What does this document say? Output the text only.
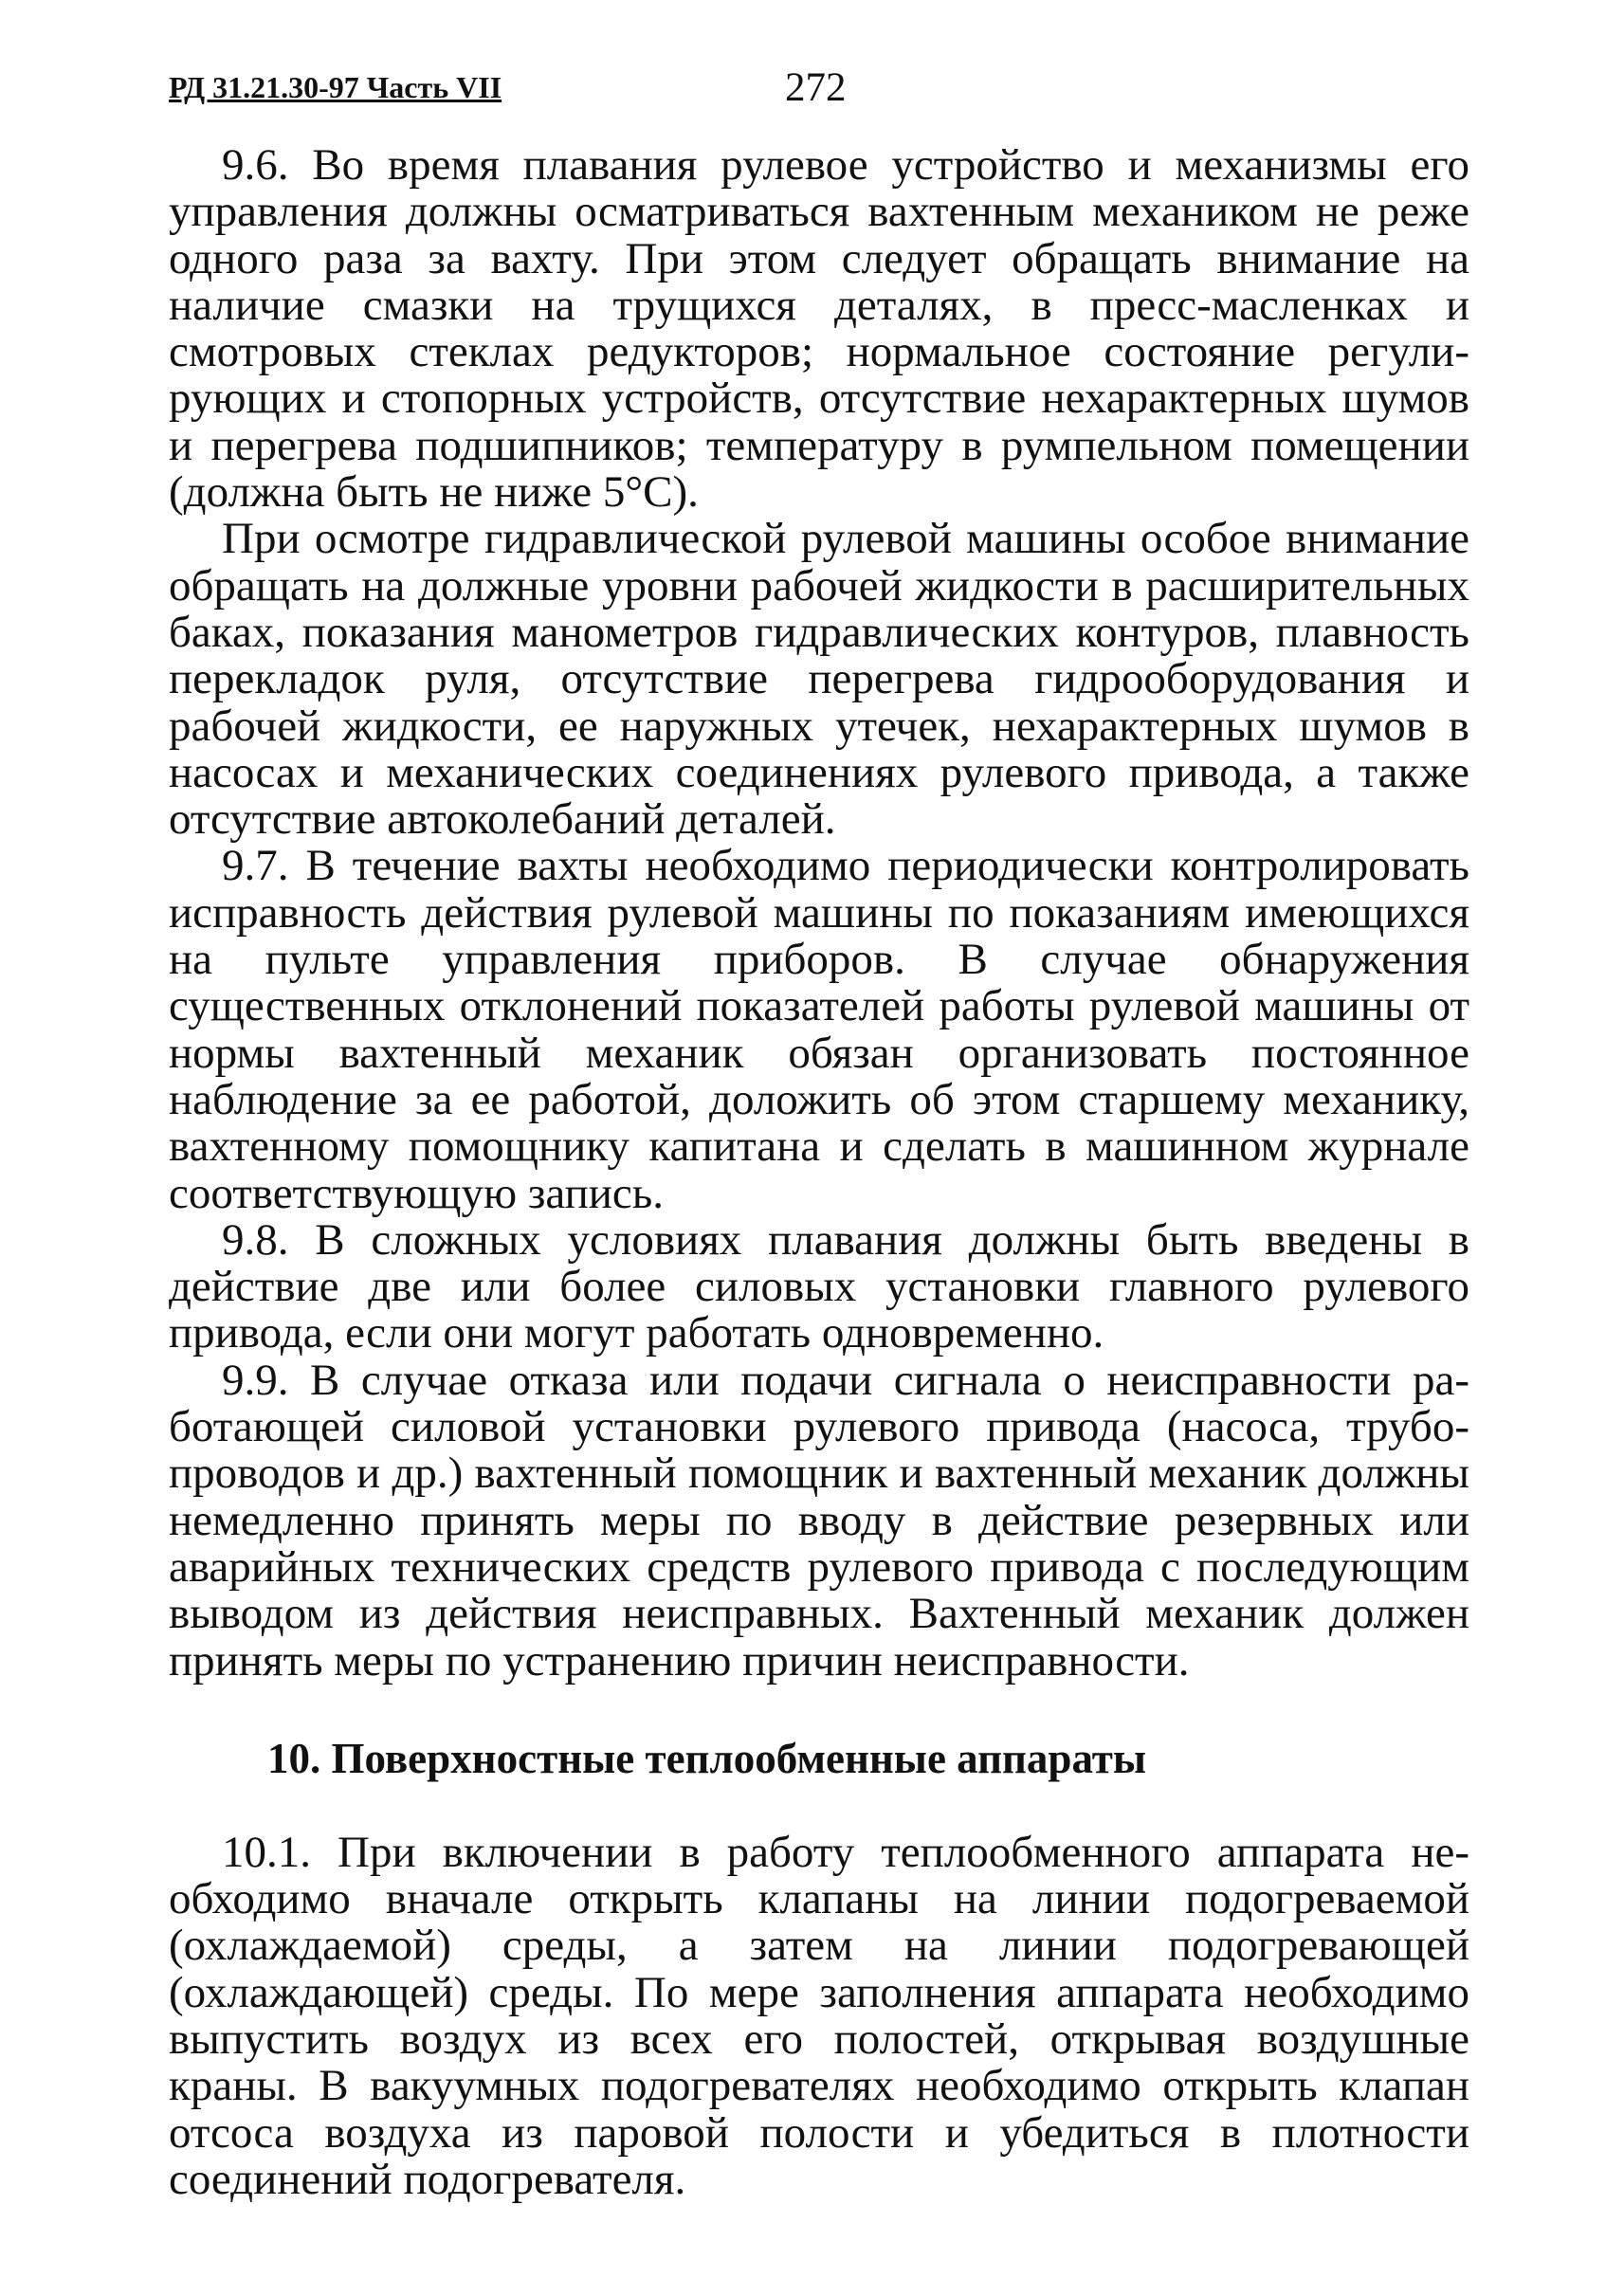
РД 31.21.30-97 Часть VII	272

9.6. Во время плавания рулевое устройство и механизмы его управления должны осматриваться вахтенным механиком не реже одного раза за вахту. При этом следует обращать внимание на наличие смазки на трущихся деталях, в пресс-масленках и смотровых стеклах редукторов; нормальное состояние регулирующих и стопорных устройств, отсутствие нехарактерных шумов и перегрева подшипников; температуру в румпельном помещении (должна быть не ниже 5°С).

При осмотре гидравлической рулевой машины особое внимание обращать на должные уровни рабочей жидкости в расширительных баках, показания манометров гидравлических контуров, плавность перекладок руля, отсутствие перегрева гидрооборудования и рабочей жидкости, ее наружных утечек, нехарактерных шумов в насосах и механических соединениях рулевого привода, а также отсутствие автоколебаний деталей.

9.7. В течение вахты необходимо периодически контролировать исправность действия рулевой машины по показаниям имеющихся на пульте управления приборов. В случае обнаружения существенных отклонений показателей работы рулевой машины от нормы вахтенный механик обязан организовать постоянное наблюдение за ее работой, доложить об этом старшему механику, вахтенному помощнику капитана и сделать в машинном журнале соответствующую запись.

9.8. В сложных условиях плавания должны быть введены в действие две или более силовых установки главного рулевого привода, если они могут работать одновременно.

9.9. В случае отказа или подачи сигнала о неисправности работающей силовой установки рулевого привода (насоса, трубопроводов и др.) вахтенный помощник и вахтенный механик должны немедленно принять меры по вводу в действие резервных или аварийных технических средств рулевого привода с последующим выводом из действия неисправных. Вахтенный механик должен принять меры по устранению причин неисправности.

10. Поверхностные теплообменные аппараты

10.1. При включении в работу теплообменного аппарата необходимо вначале открыть клапаны на линии подогреваемой (охлаждаемой) среды, а затем на линии подогревающей (охлаждающей) среды. По мере заполнения аппарата необходимо выпустить воздух из всех его полостей, открывая воздушные краны. В вакуумных подогревателях необходимо открыть клапан отсоса воздуха из паровой полости и убедиться в плотности соединений подогревателя.
